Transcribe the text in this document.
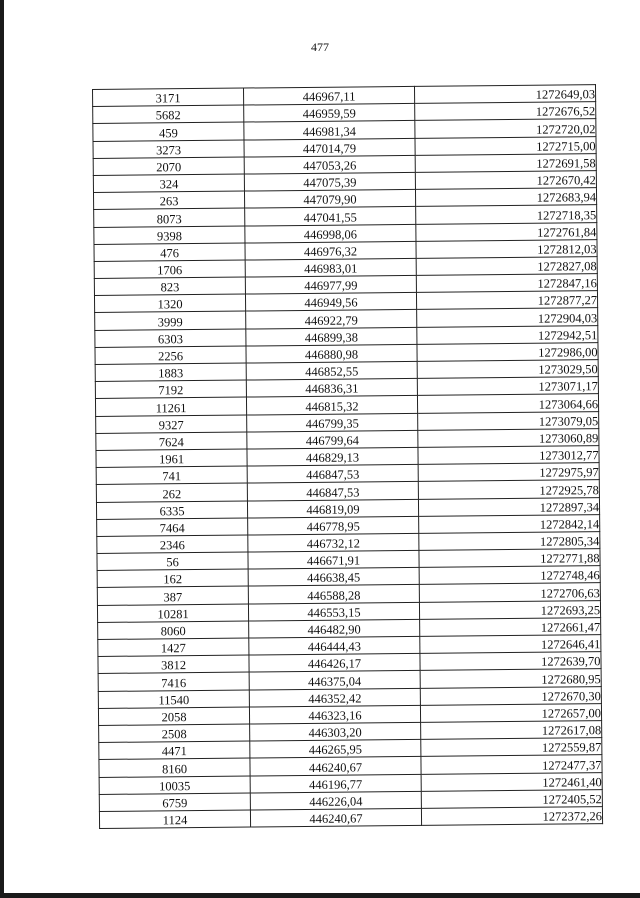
477
3171	446967,11	1272649,03
5682	446959,59	1272676,52
459	446981,34	1272720,02
3273	447014,79	1272715,00
2070	447053,26	1272691,58
324	447075,39	1272670,42
263	447079,90	1272683,94
8073	447041,55	1272718,35
9398	446998,06	1272761,84
476	446976,32	1272812,03
1706	446983,01	1272827,08
823	446977,99	1272847,16
1320	446949,56	1272877,27
3999	446922,79	1272904,03
6303	446899,38	1272942,51
2256	446880,98	1272986,00
1883	446852,55	1273029,50
7192	446836,31	1273071,17
11261	446815,32	1273064,66
9327	446799,35	1273079,05
7624	446799,64	1273060,89
1961	446829,13	1273012,77
741	446847,53	1272975,97
262	446847,53	1272925,78
6335	446819,09	1272897,34
7464	446778,95	1272842,14
2346	446732,12	1272805,34
56	446671,91	1272771,88
162	446638,45	1272748,46
387	446588,28	1272706,63
10281	446553,15	1272693,25
8060	446482,90	1272661,47
1427	446444,43	1272646,41
3812	446426,17	1272639,70
7416	446375,04	1272680,95
11540	446352,42	1272670,30
2058	446323,16	1272657,00
2508	446303,20	1272617,08
4471	446265,95	1272559,87
8160	446240,67	1272477,37
10035	446196,77	1272461,40
6759	446226,04	1272405,52
1124	446240,67	1272372,26
